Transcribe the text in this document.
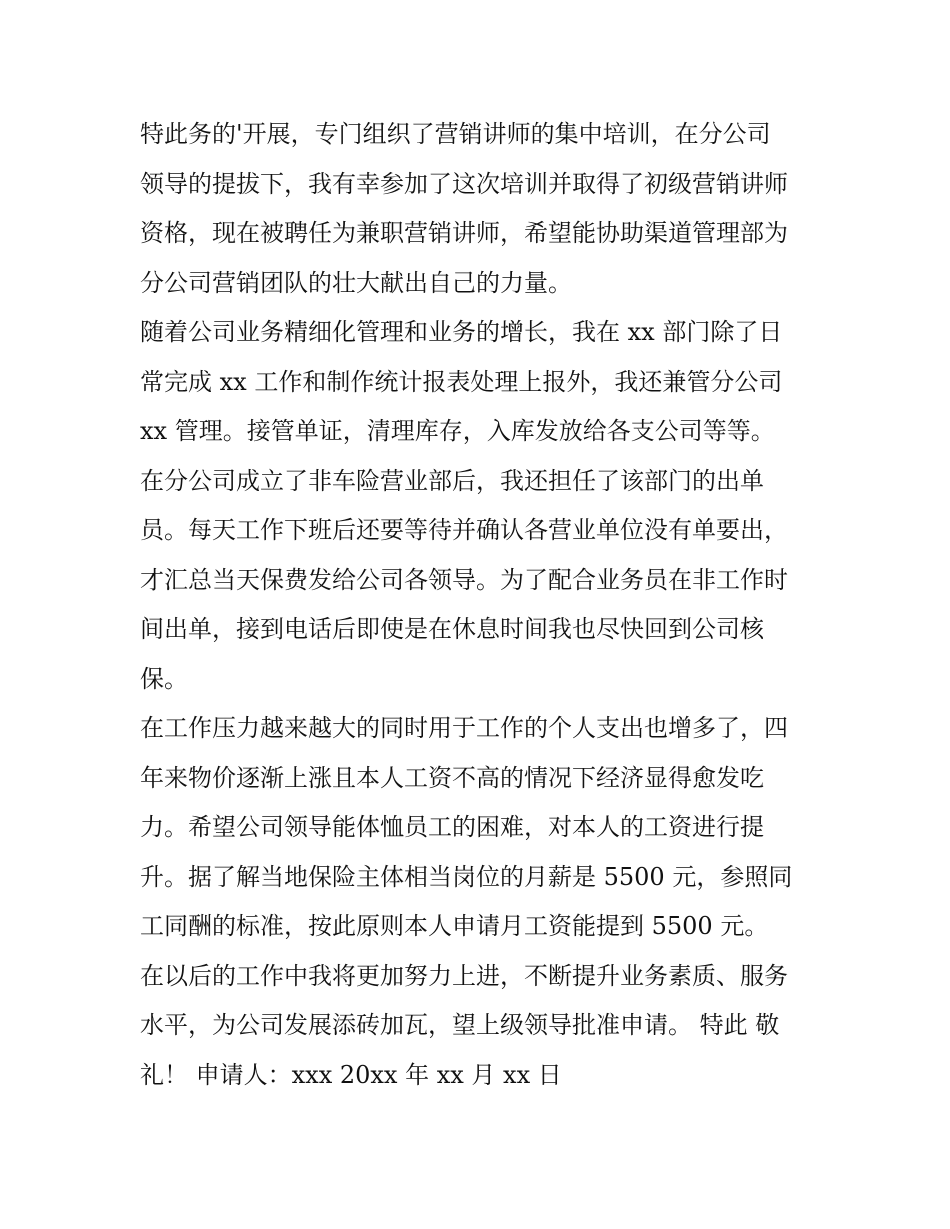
特此务的'开展，专门组织了营销讲师的集中培训，在分公司
领导的提拔下，我有幸参加了这次培训并取得了初级营销讲师
资格，现在被聘任为兼职营销讲师，希望能协助渠道管理部为
分公司营销团队的壮大献出自己的力量。
随着公司业务精细化管理和业务的增长，我在 xx 部门除了日
常完成 xx 工作和制作统计报表处理上报外，我还兼管分公司
xx 管理。接管单证，清理库存，入库发放给各支公司等等。
在分公司成立了非车险营业部后，我还担任了该部门的出单
员。每天工作下班后还要等待并确认各营业单位没有单要出，
才汇总当天保费发给公司各领导。为了配合业务员在非工作时
间出单，接到电话后即使是在休息时间我也尽快回到公司核
保。
在工作压力越来越大的同时用于工作的个人支出也增多了，四
年来物价逐渐上涨且本人工资不高的情况下经济显得愈发吃
力。希望公司领导能体恤员工的困难，对本人的工资进行提
升。据了解当地保险主体相当岗位的月薪是 5500 元，参照同
工同酬的标准，按此原则本人申请月工资能提到 5500 元。
在以后的工作中我将更加努力上进，不断提升业务素质、服务
水平，为公司发展添砖加瓦，望上级领导批准申请。 特此 敬
礼！ 申请人：xxx 20xx 年 xx 月 xx 日
